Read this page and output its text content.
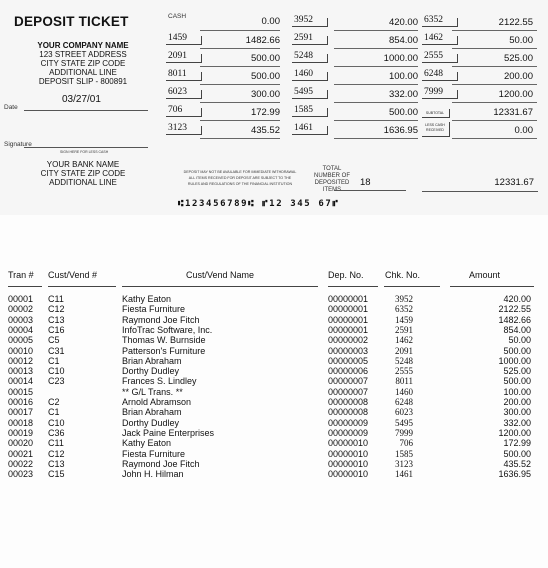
DEPOSIT TICKET
YOUR COMPANY NAME
123 STREET ADDRESS
CITY STATE ZIP CODE
ADDITIONAL LINE
DEPOSIT SLIP - 800891
Date
03/27/01
Signature
SIGN HERE FOR LESS CASH
YOUR BANK NAME
CITY STATE ZIP CODE
ADDITIONAL LINE
CASH	0.00
1459	1482.66
2091	500.00
8011	500.00
6023	300.00
706	172.99
3123	435.52
3952	420.00
2591	854.00
5248	1000.00
1460	100.00
5495	332.00
1585	500.00
1461	1636.95
6352	2122.55
1462	50.00
2555	525.00
6248	200.00
7999	1200.00
SUBTOTAL	12331.67
LESS CASH RECEIVED	0.00
DEPOSIT MAY NOT BE AVAILABLE FOR IMMEDIATE WITHDRAWAL
ALL ITEMS RECEIVED FOR DEPOSIT ARE SUBJECT TO THE
RULES AND REGULATIONS OF THE FINANCIAL INSTITUTION
TOTAL NUMBER OF DEPOSITED ITEMS
18	12331.67
⑆123456789⑆ ⑈12 345 67⑈
Tran # Cust/Vend #	Cust/Vend Name	Dep. No. Chk. No.	Amount
00001 C11	Kathy Eaton	00000001	3952	420.00
00002 C12	Fiesta Furniture	00000001	6352	2122.55
00003 C13	Raymond Joe Fitch	00000001	1459	1482.66
00004 C16	InfoTrac Software, Inc.	00000001	2591	854.00
00005 C5	Thomas W. Burnside	00000002	1462	50.00
00010 C31	Patterson's Furniture	00000003	2091	500.00
00012 C1	Brian Abraham	00000005	5248	1000.00
00013 C10	Dorthy Dudley	00000006	2555	525.00
00014 C23	Frances S. Lindley	00000007	8011	500.00
00015	** G/L Trans. **	00000007	1460	100.00
00016 C2	Arnold Abramson	00000008	6248	200.00
00017 C1	Brian Abraham	00000008	6023	300.00
00018 C10	Dorthy Dudley	00000009	5495	332.00
00019 C36	Jack Paine Enterprises	00000009	7999	1200.00
00020 C11	Kathy Eaton	00000010	706	172.99
00021 C12	Fiesta Furniture	00000010	1585	500.00
00022 C13	Raymond Joe Fitch	00000010	3123	435.52
00023 C15	John H. Hilman	00000010	1461	1636.95
